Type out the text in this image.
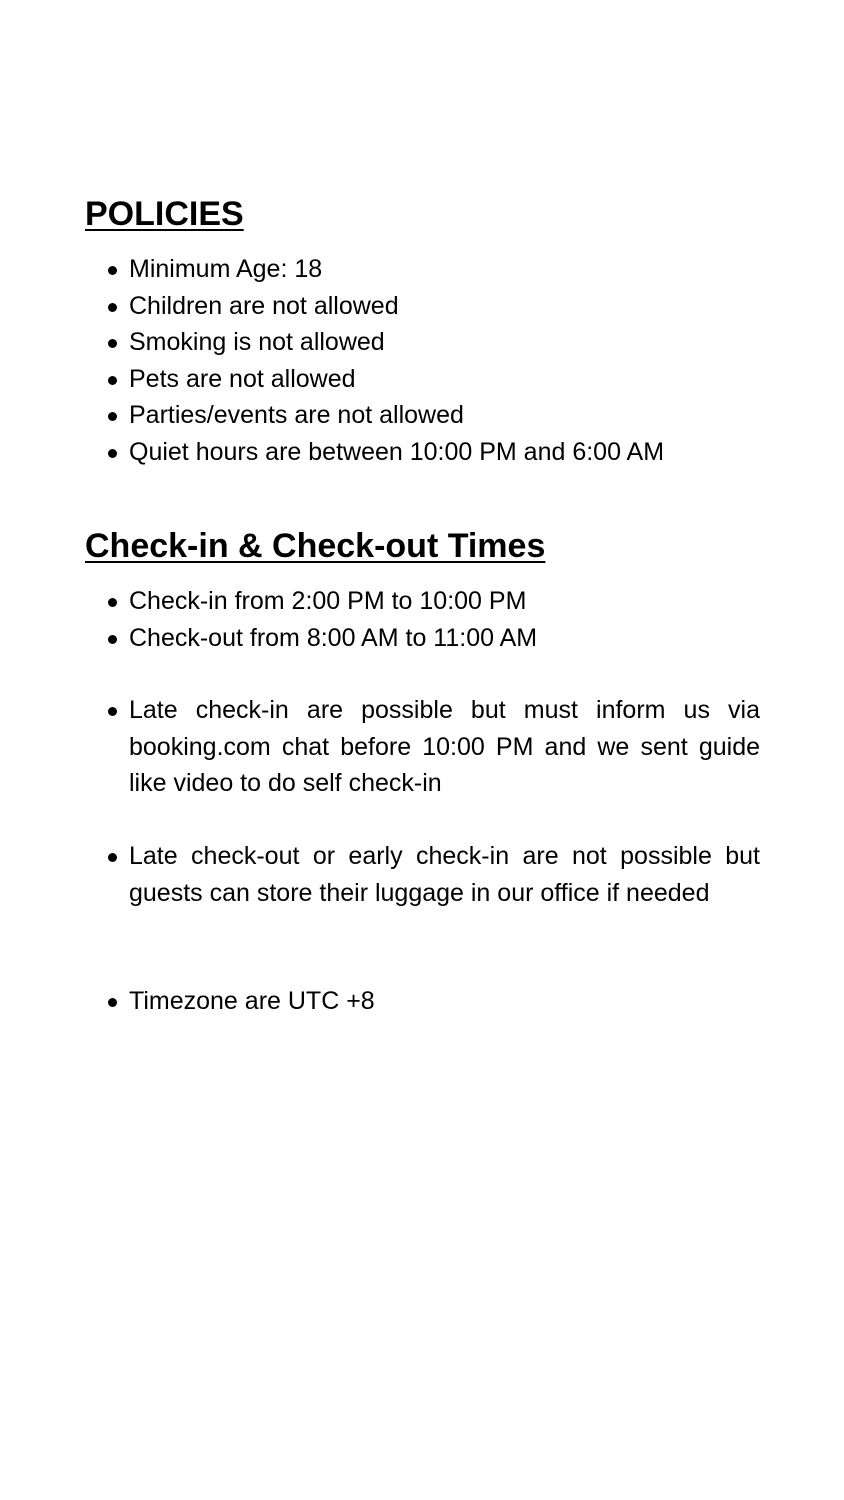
POLICIES
Minimum Age: 18
Children are not allowed
Smoking is not allowed
Pets are not allowed
Parties/events are not allowed
Quiet hours are between 10:00 PM and 6:00 AM
Check-in & Check-out Times
Check-in from 2:00 PM to 10:00 PM
Check-out from 8:00 AM to 11:00 AM
Late check-in are possible but must inform us via booking.com chat before 10:00 PM and we sent guide like video to do self check-in
Late check-out or early check-in are not possible but guests can store their luggage in our office if needed
Timezone are UTC +8
